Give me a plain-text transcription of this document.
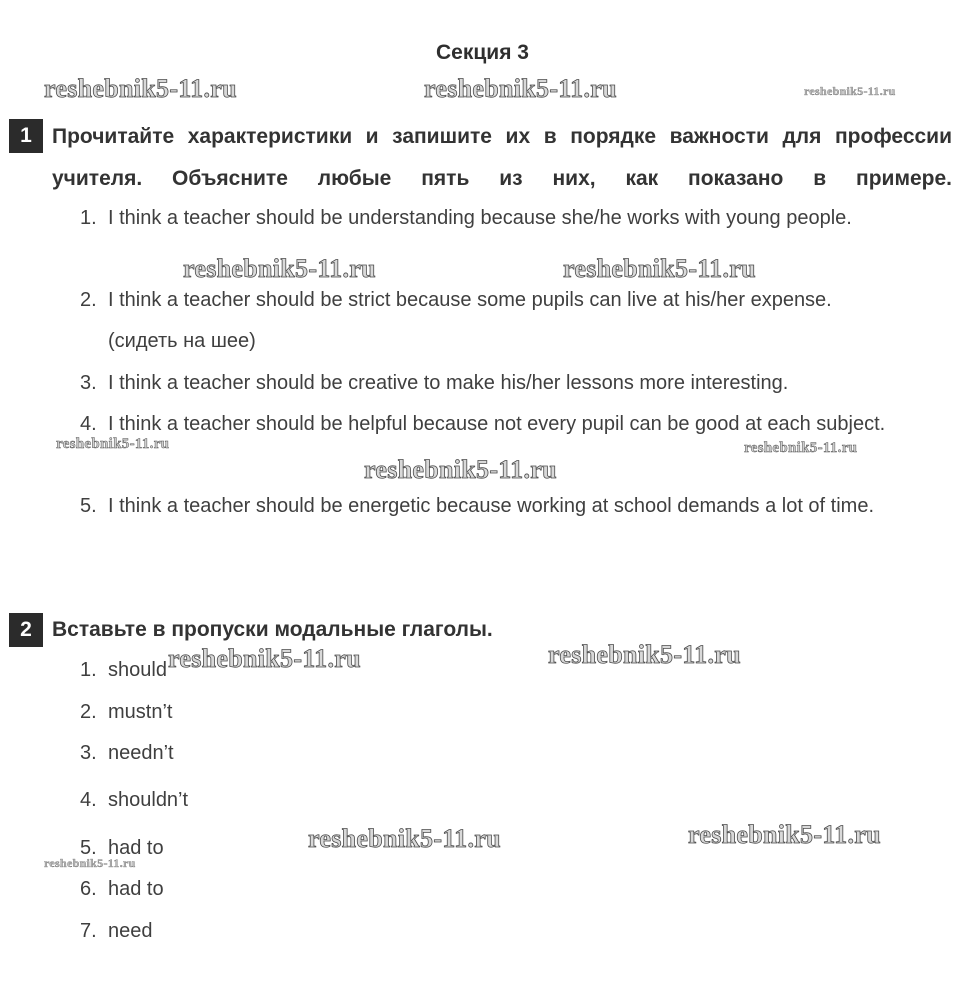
Секция 3
1 Прочитайте характеристики и запишите их в порядке важности для профессии учителя. Объясните любые пять из них, как показано в примере.
1. I think a teacher should be understanding because she/he works with young people.
2. I think a teacher should be strict because some pupils can live at his/her expense.
(сидеть на шее)
3. I think a teacher should be creative to make his/her lessons more interesting.
4. I think a teacher should be helpful because not every pupil can be good at each subject.
5. I think a teacher should be energetic because working at school demands a lot of time.
2 Вставьте в пропуски модальные глаголы.
1. should
2. mustn’t
3. needn’t
4. shouldn’t
5. had to
6. had to
7. need
reshebnik5-11.ru	reshebnik5-11.ru	reshebnik5-11.ru
reshebnik5-11.ru	reshebnik5-11.ru
reshebnik5-11.ru	reshebnik5-11.ru
reshebnik5-11.ru
reshebnik5-11.ru	reshebnik5-11.ru
reshebnik5-11.ru	reshebnik5-11.ru
reshebnik5-11.ru
